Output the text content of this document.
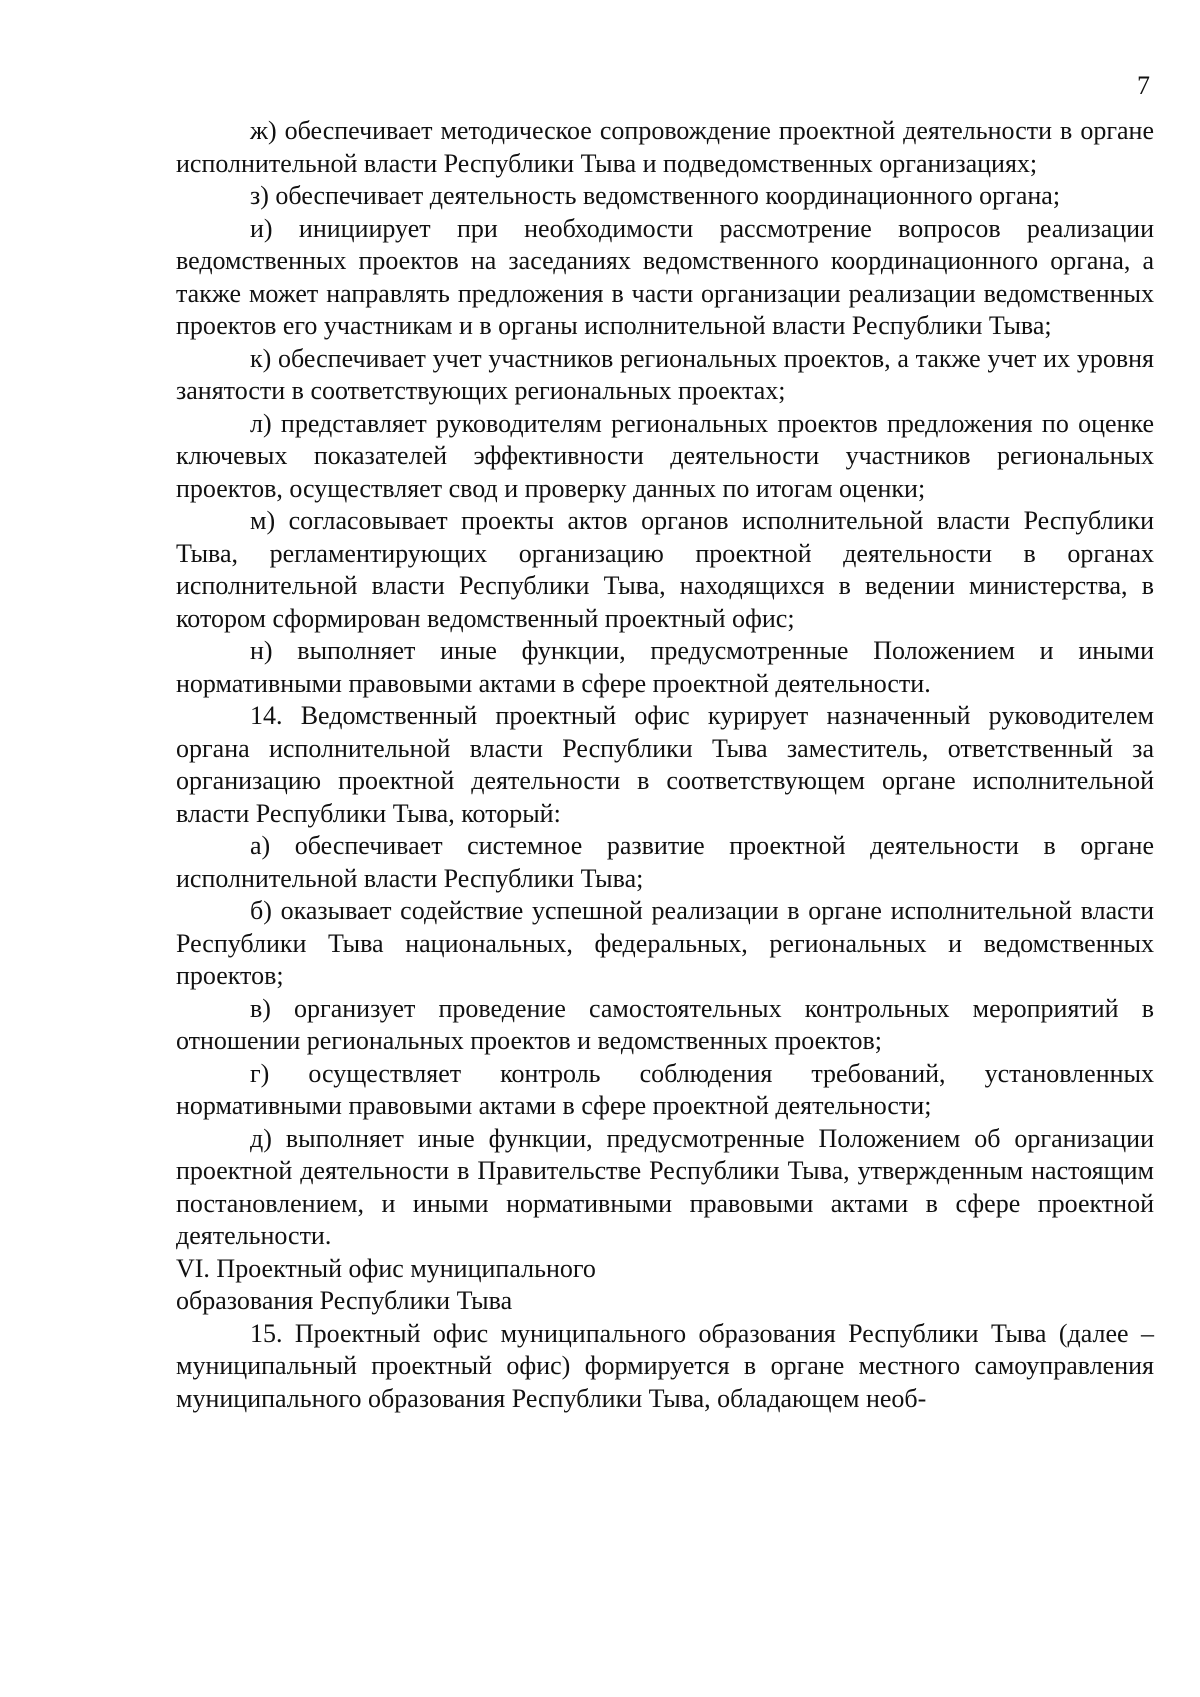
7

ж) обеспечивает методическое сопровождение проектной деятельности в органе исполнительной власти Республики Тыва и подведомственных организациях;

з) обеспечивает деятельность ведомственного координационного органа;

и) инициирует при необходимости рассмотрение вопросов реализации ведомственных проектов на заседаниях ведомственного координационного органа, а также может направлять предложения в части организации реализации ведомственных проектов его участникам и в органы исполнительной власти Республики Тыва;

к) обеспечивает учет участников региональных проектов, а также учет их уровня занятости в соответствующих региональных проектах;

л) представляет руководителям региональных проектов предложения по оценке ключевых показателей эффективности деятельности участников региональных проектов, осуществляет свод и проверку данных по итогам оценки;

м) согласовывает проекты актов органов исполнительной власти Республики Тыва, регламентирующих организацию проектной деятельности в органах исполнительной власти Республики Тыва, находящихся в ведении министерства, в котором сформирован ведомственный проектный офис;

н) выполняет иные функции, предусмотренные Положением и иными нормативными правовыми актами в сфере проектной деятельности.

14. Ведомственный проектный офис курирует назначенный руководителем органа исполнительной власти Республики Тыва заместитель, ответственный за организацию проектной деятельности в соответствующем органе исполнительной власти Республики Тыва, который:

а) обеспечивает системное развитие проектной деятельности в органе исполнительной власти Республики Тыва;

б) оказывает содействие успешной реализации в органе исполнительной власти Республики Тыва национальных, федеральных, региональных и ведомственных проектов;

в) организует проведение самостоятельных контрольных мероприятий в отношении региональных проектов и ведомственных проектов;

г) осуществляет контроль соблюдения требований, установленных нормативными правовыми актами в сфере проектной деятельности;

д) выполняет иные функции, предусмотренные Положением об организации проектной деятельности в Правительстве Республики Тыва, утвержденным настоящим постановлением, и иными нормативными правовыми актами в сфере проектной деятельности.

VI. Проектный офис муниципального
образования Республики Тыва

15. Проектный офис муниципального образования Республики Тыва (далее – муниципальный проектный офис) формируется в органе местного самоуправления муниципального образования Республики Тыва, обладающем необ-
